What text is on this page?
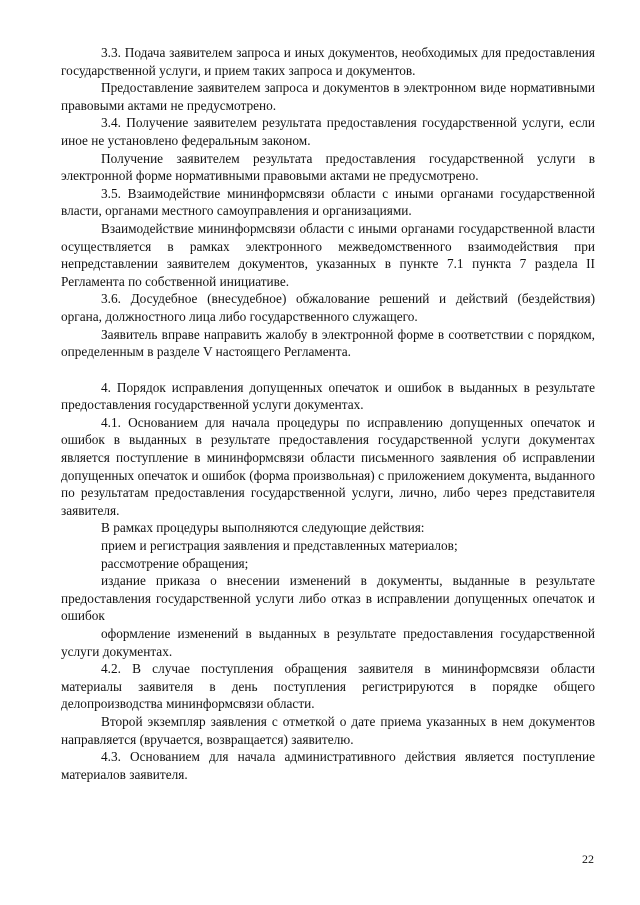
3.3. Подача заявителем запроса и иных документов, необходимых для предоставления государственной услуги, и прием таких запроса и документов.

Предоставление заявителем запроса и документов в электронном виде нормативными правовыми актами не предусмотрено.

3.4. Получение заявителем результата предоставления государственной услуги, если иное не установлено федеральным законом.

Получение заявителем результата предоставления государственной услуги в электронной форме нормативными правовыми актами не предусмотрено.

3.5. Взаимодействие мининформсвязи области с иными органами государственной власти, органами местного самоуправления и организациями.

Взаимодействие мининформсвязи области с иными органами государственной власти осуществляется в рамках электронного межведомственного взаимодействия при непредставлении заявителем документов, указанных в пункте 7.1 пункта 7 раздела II Регламента по собственной инициативе.

3.6. Досудебное (внесудебное) обжалование решений и действий (бездействия) органа, должностного лица либо государственного служащего.

Заявитель вправе направить жалобу в электронной форме в соответствии с порядком, определенным в разделе V настоящего Регламента.

4. Порядок исправления допущенных опечаток и ошибок в выданных в результате предоставления государственной услуги документах.

4.1. Основанием для начала процедуры по исправлению допущенных опечаток и ошибок в выданных в результате предоставления государственной услуги документах является поступление в мининформсвязи области письменного заявления об исправлении допущенных опечаток и ошибок (форма произвольная) с приложением документа, выданного по результатам предоставления государственной услуги, лично, либо через представителя заявителя.

В рамках процедуры выполняются следующие действия:

прием и регистрация заявления и представленных материалов;

рассмотрение обращения;

издание приказа о внесении изменений в документы, выданные в результате предоставления государственной услуги либо отказ в исправлении допущенных опечаток и ошибок

оформление изменений в выданных в результате предоставления государственной услуги документах.

4.2. В случае поступления обращения заявителя в мининформсвязи области материалы заявителя в день поступления регистрируются в порядке общего делопроизводства мининформсвязи области.

Второй экземпляр заявления с отметкой о дате приема указанных в нем документов направляется (вручается, возвращается) заявителю.

4.3. Основанием для начала административного действия является поступление материалов заявителя.

22
